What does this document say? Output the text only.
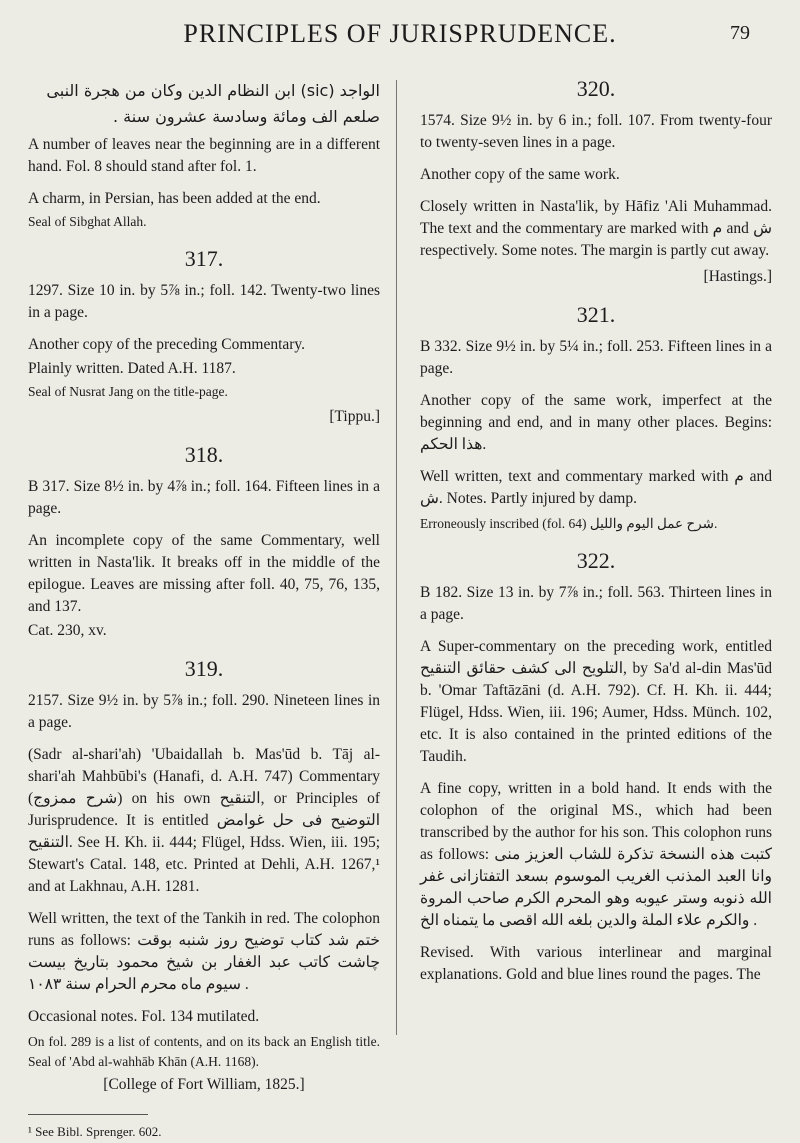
PRINCIPLES OF JURISPRUDENCE.	79

الواجد (sic) ابن النظام الدين وكان من هجرة النبى صلعم الف ومائة وسادسة عشرون سنة .

A number of leaves near the beginning are in a different hand. Fol. 8 should stand after fol. 1.

A charm, in Persian, has been added at the end.

Seal of Sibghat Allah.

317.

1297. Size 10 in. by 5⅞ in.; foll. 142. Twenty-two lines in a page.

Another copy of the preceding Commentary.

Plainly written. Dated A.H. 1187.

Seal of Nusrat Jang on the title-page.

[Tippu.]
318.

B 317. Size 8½ in. by 4⅞ in.; foll. 164. Fifteen lines in a page.

An incomplete copy of the same Commentary, well written in Nasta'lik. It breaks off in the middle of the epilogue. Leaves are missing after foll. 40, 75, 76, 135, and 137.

Cat. 230, xv.

319.

2157. Size 9½ in. by 5⅞ in.; foll. 290. Nineteen lines in a page.

(Sadr al-shari'ah) 'Ubaidallah b. Mas'ūd b. Tāj al-shari'ah Mahbūbi's (Hanafi, d. A.H. 747) Commentary (شرح ممزوج) on his own التنقيح, or Principles of Jurisprudence. It is entitled التوضيح فى حل غوامض التنقيح. See H. Kh. ii. 444; Flügel, Hdss. Wien, iii. 195; Stewart's Catal. 148, etc. Printed at Dehli, A.H. 1267,¹ and at Lakhnau, A.H. 1281.

Well written, the text of the Tankih in red. The colophon runs as follows: ختم شد كتاب توضيح روز شنبه بوقت چاشت كاتب عبد الغفار بن شيخ محمود بتاريخ بيست سيوم ماه محرم الحرام سنة ١٠٨٣ .

Occasional notes. Fol. 134 mutilated.

On fol. 289 is a list of contents, and on its back an English title. Seal of 'Abd al-wahhāb Khān (A.H. 1168).

[College of Fort William, 1825.]
¹ See Bibl. Sprenger. 602.
320.

1574. Size 9½ in. by 6 in.; foll. 107. From twenty-four to twenty-seven lines in a page.

Another copy of the same work.

Closely written in Nasta'lik, by Hāfiz 'Ali Muhammad. The text and the commentary are marked with م and ش respectively. Some notes. The margin is partly cut away.

[Hastings.]
321.

B 332. Size 9½ in. by 5¼ in.; foll. 253. Fifteen lines in a page.

Another copy of the same work, imperfect at the beginning and end, and in many other places. Begins: هذا الحكم.

Well written, text and commentary marked with م and ش. Notes. Partly injured by damp.

Erroneously inscribed (fol. 64) شرح عمل اليوم والليل.

322.

B 182. Size 13 in. by 7⅞ in.; foll. 563. Thirteen lines in a page.

A Super-commentary on the preceding work, entitled التلويح الى كشف حقائق التنقيح, by Sa'd al-din Mas'ūd b. 'Omar Taftāzāni (d. A.H. 792). Cf. H. Kh. ii. 444; Flügel, Hdss. Wien, iii. 196; Aumer, Hdss. Münch. 102, etc. It is also contained in the printed editions of the Taudih.

A fine copy, written in a bold hand. It ends with the colophon of the original MS., which had been transcribed by the author for his son. This colophon runs as follows: كتبت هذه النسخة تذكرة للشاب العزيز منى وانا العبد المذنب الغريب الموسوم بسعد التفتازانى غفر الله ذنوبه وستر عيوبه وهو المحرم الكرم صاحب المروة والكرم علاء الملة والدين بلغه الله اقصى ما يتمناه الخ .

Revised. With various interlinear and marginal explanations. Gold and blue lines round the pages. The
